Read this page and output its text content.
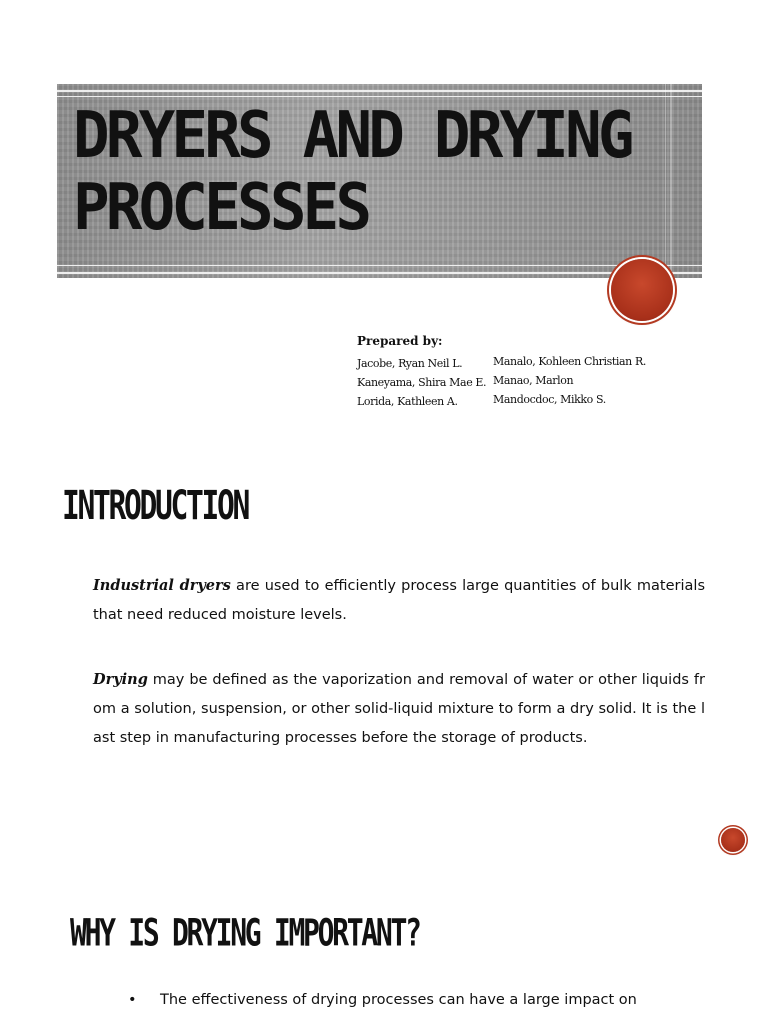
DRYERS AND DRYING PROCESSES

Prepared by:

Jacobe, Ryan Neil L.
Kaneyama, Shira Mae E.
Lorida, Kathleen A.
Manalo, Kohleen Christian R.
Manao, Marlon
Mandocdoc, Mikko S.
INTRODUCTION

Industrial dryers are used to efficiently process large quantities of bulk materials that need reduced moisture levels.

Drying may be defined as the vaporization and removal of water or other liquids from a solution, suspension, or other solid-liquid mixture to form a dry solid. It is the last step in manufacturing processes before the storage of products.

WHY IS DRYING IMPORTANT?
• The effectiveness of drying processes can have a large impact on
